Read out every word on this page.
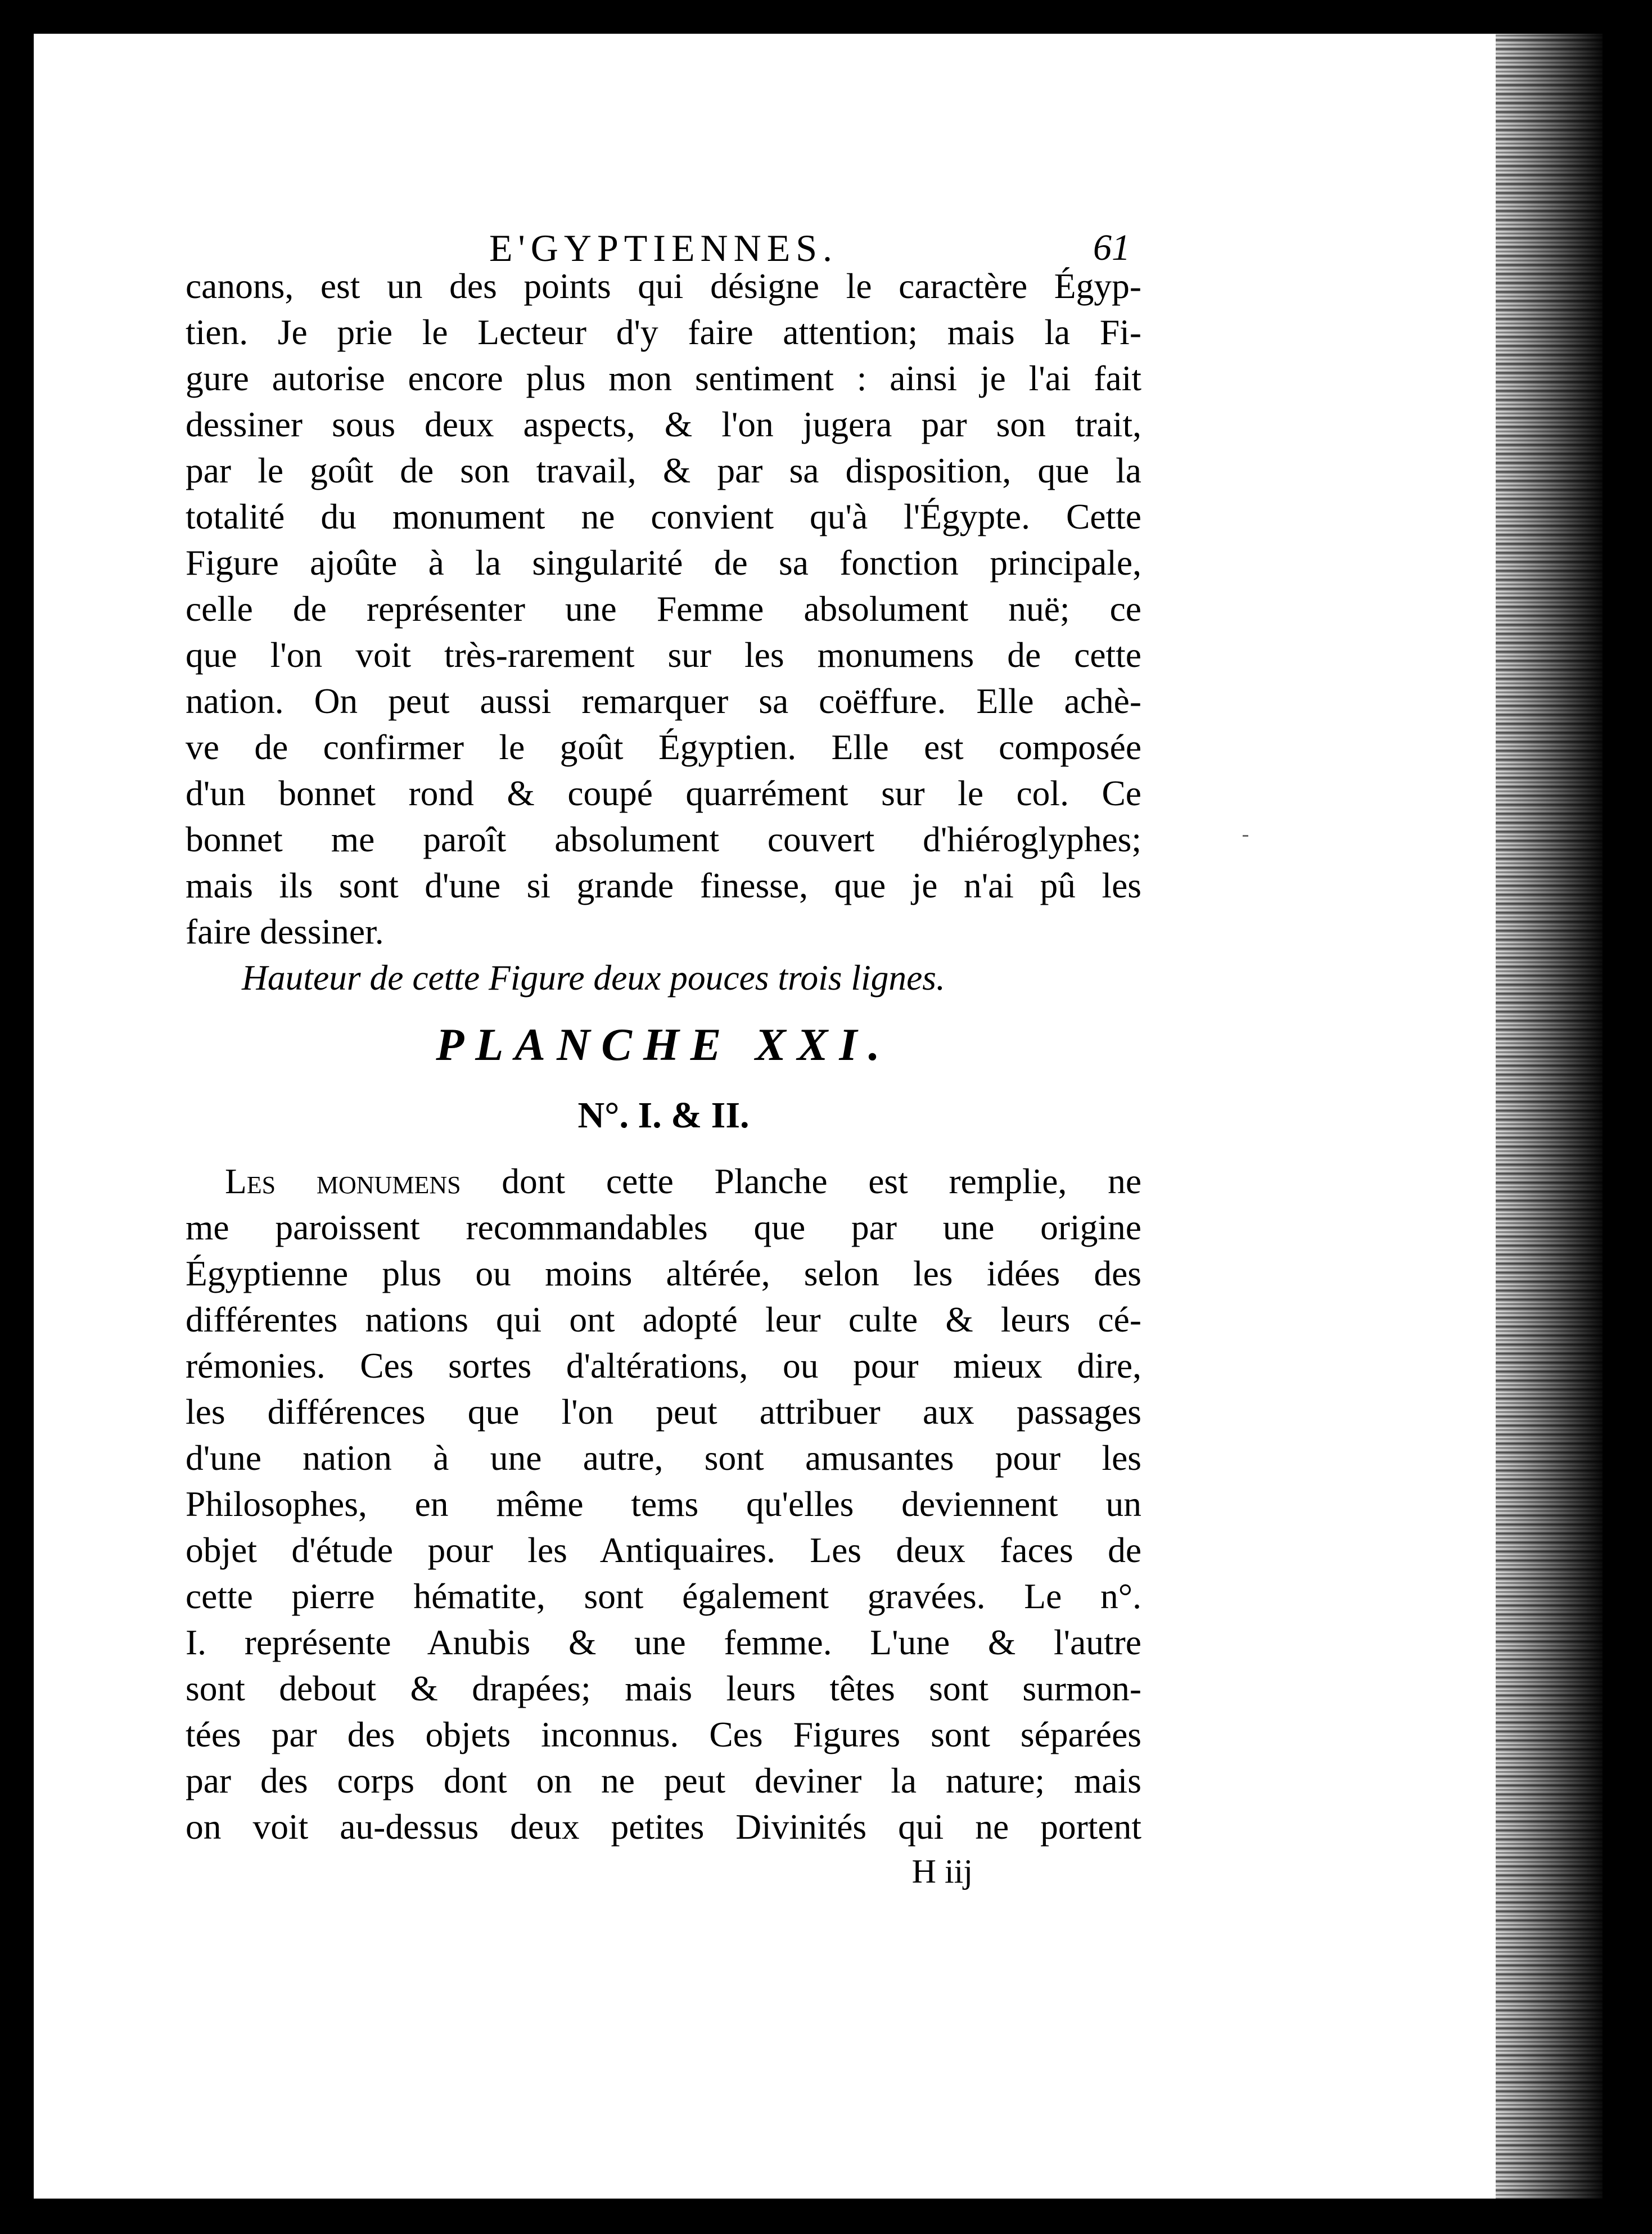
E'GYPTIENNES.	61
canons, est un des points qui désigne le caractère Égyp-
tien. Je prie le Lecteur d'y faire attention; mais la Fi-
gure autorise encore plus mon sentiment : ainsi je l'ai fait
dessiner sous deux aspects, & l'on jugera par son trait,
par le goût de son travail, & par sa disposition, que la
totalité du monument ne convient qu'à l'Égypte. Cette
Figure ajoûte à la singularité de sa fonction principale,
celle de représenter une Femme absolument nuë; ce
que l'on voit très-rarement sur les monumens de cette
nation. On peut aussi remarquer sa coëffure. Elle achè-
ve de confirmer le goût Égyptien. Elle est composée
d'un bonnet rond & coupé quarrément sur le col. Ce
bonnet me paroît absolument couvert d'hiéroglyphes;
mais ils sont d'une si grande finesse, que je n'ai pû les
faire dessiner.
Hauteur de cette Figure deux pouces trois lignes.
PLANCHE XXI.
N°. I. & II.
Les monumens dont cette Planche est remplie, ne
me paroissent recommandables que par une origine
Égyptienne plus ou moins altérée, selon les idées des
différentes nations qui ont adopté leur culte & leurs cé-
rémonies. Ces sortes d'altérations, ou pour mieux dire,
les différences que l'on peut attribuer aux passages
d'une nation à une autre, sont amusantes pour les
Philosophes, en même tems qu'elles deviennent un
objet d'étude pour les Antiquaires. Les deux faces de
cette pierre hématite, sont également gravées. Le n°.
I. représente Anubis & une femme. L'une & l'autre
sont debout & drapées; mais leurs têtes sont surmon-
tées par des objets inconnus. Ces Figures sont séparées
par des corps dont on ne peut deviner la nature; mais
on voit au-dessus deux petites Divinités qui ne portent
H iij
